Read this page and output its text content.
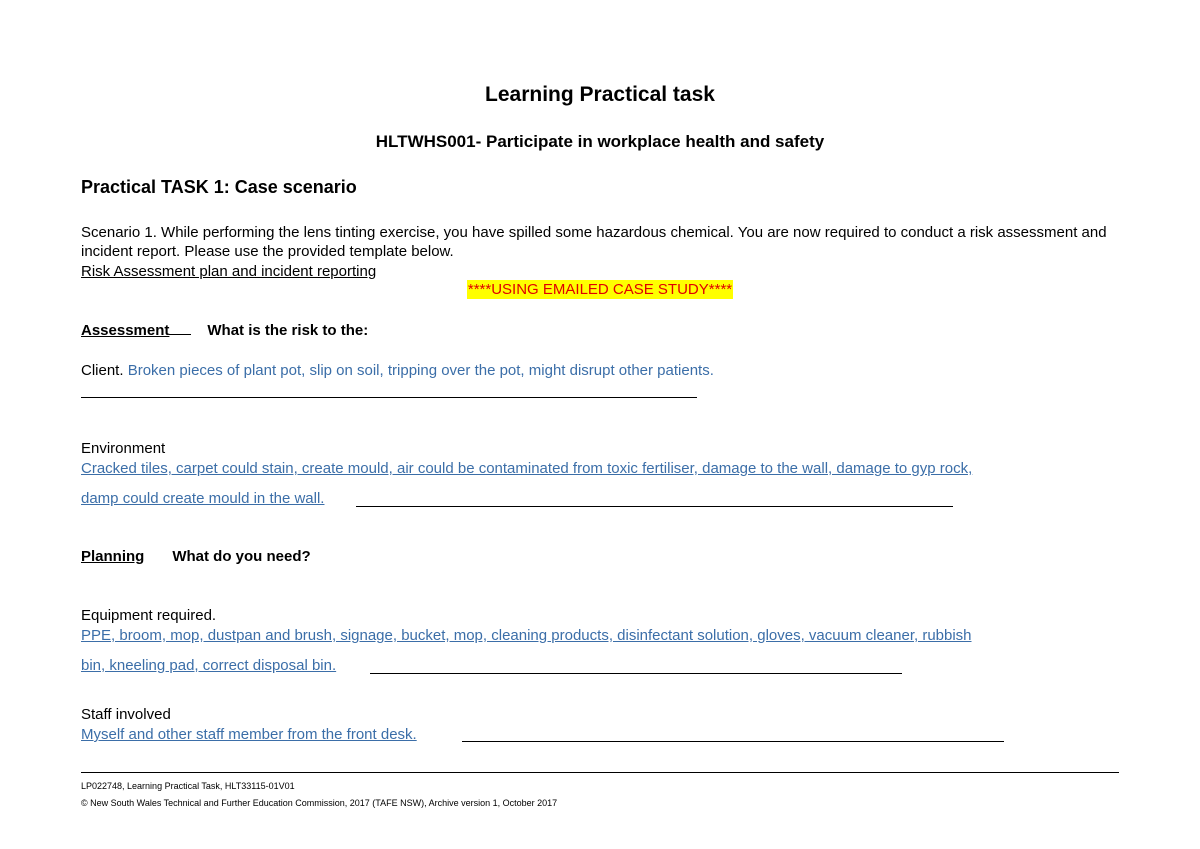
Learning Practical task
HLTWHS001- Participate in workplace health and safety
Practical TASK 1: Case scenario
Scenario 1. While performing the lens tinting exercise, you have spilled some hazardous chemical. You are now required to conduct a risk assessment and incident report. Please use the provided template below.
Risk Assessment plan and incident reporting
****USING EMAILED CASE STUDY****
Assessment	What is the risk to the:
Client. Broken pieces of plant pot, slip on soil, tripping over the pot, might disrupt other patients.
Environment
Cracked tiles, carpet could stain, create mould, air could be contaminated from toxic fertiliser, damage to the wall, damage to gyp rock,
damp could create mould in the wall.
Planning What do you need?
Equipment required.
PPE, broom, mop, dustpan and brush, signage, bucket, mop, cleaning products, disinfectant solution, gloves, vacuum cleaner, rubbish
bin, kneeling pad, correct disposal bin.
Staff involved
Myself and other staff member from the front desk.
LP022748, Learning Practical Task, HLT33115-01V01
© New South Wales Technical and Further Education Commission, 2017 (TAFE NSW), Archive version 1, October 2017
